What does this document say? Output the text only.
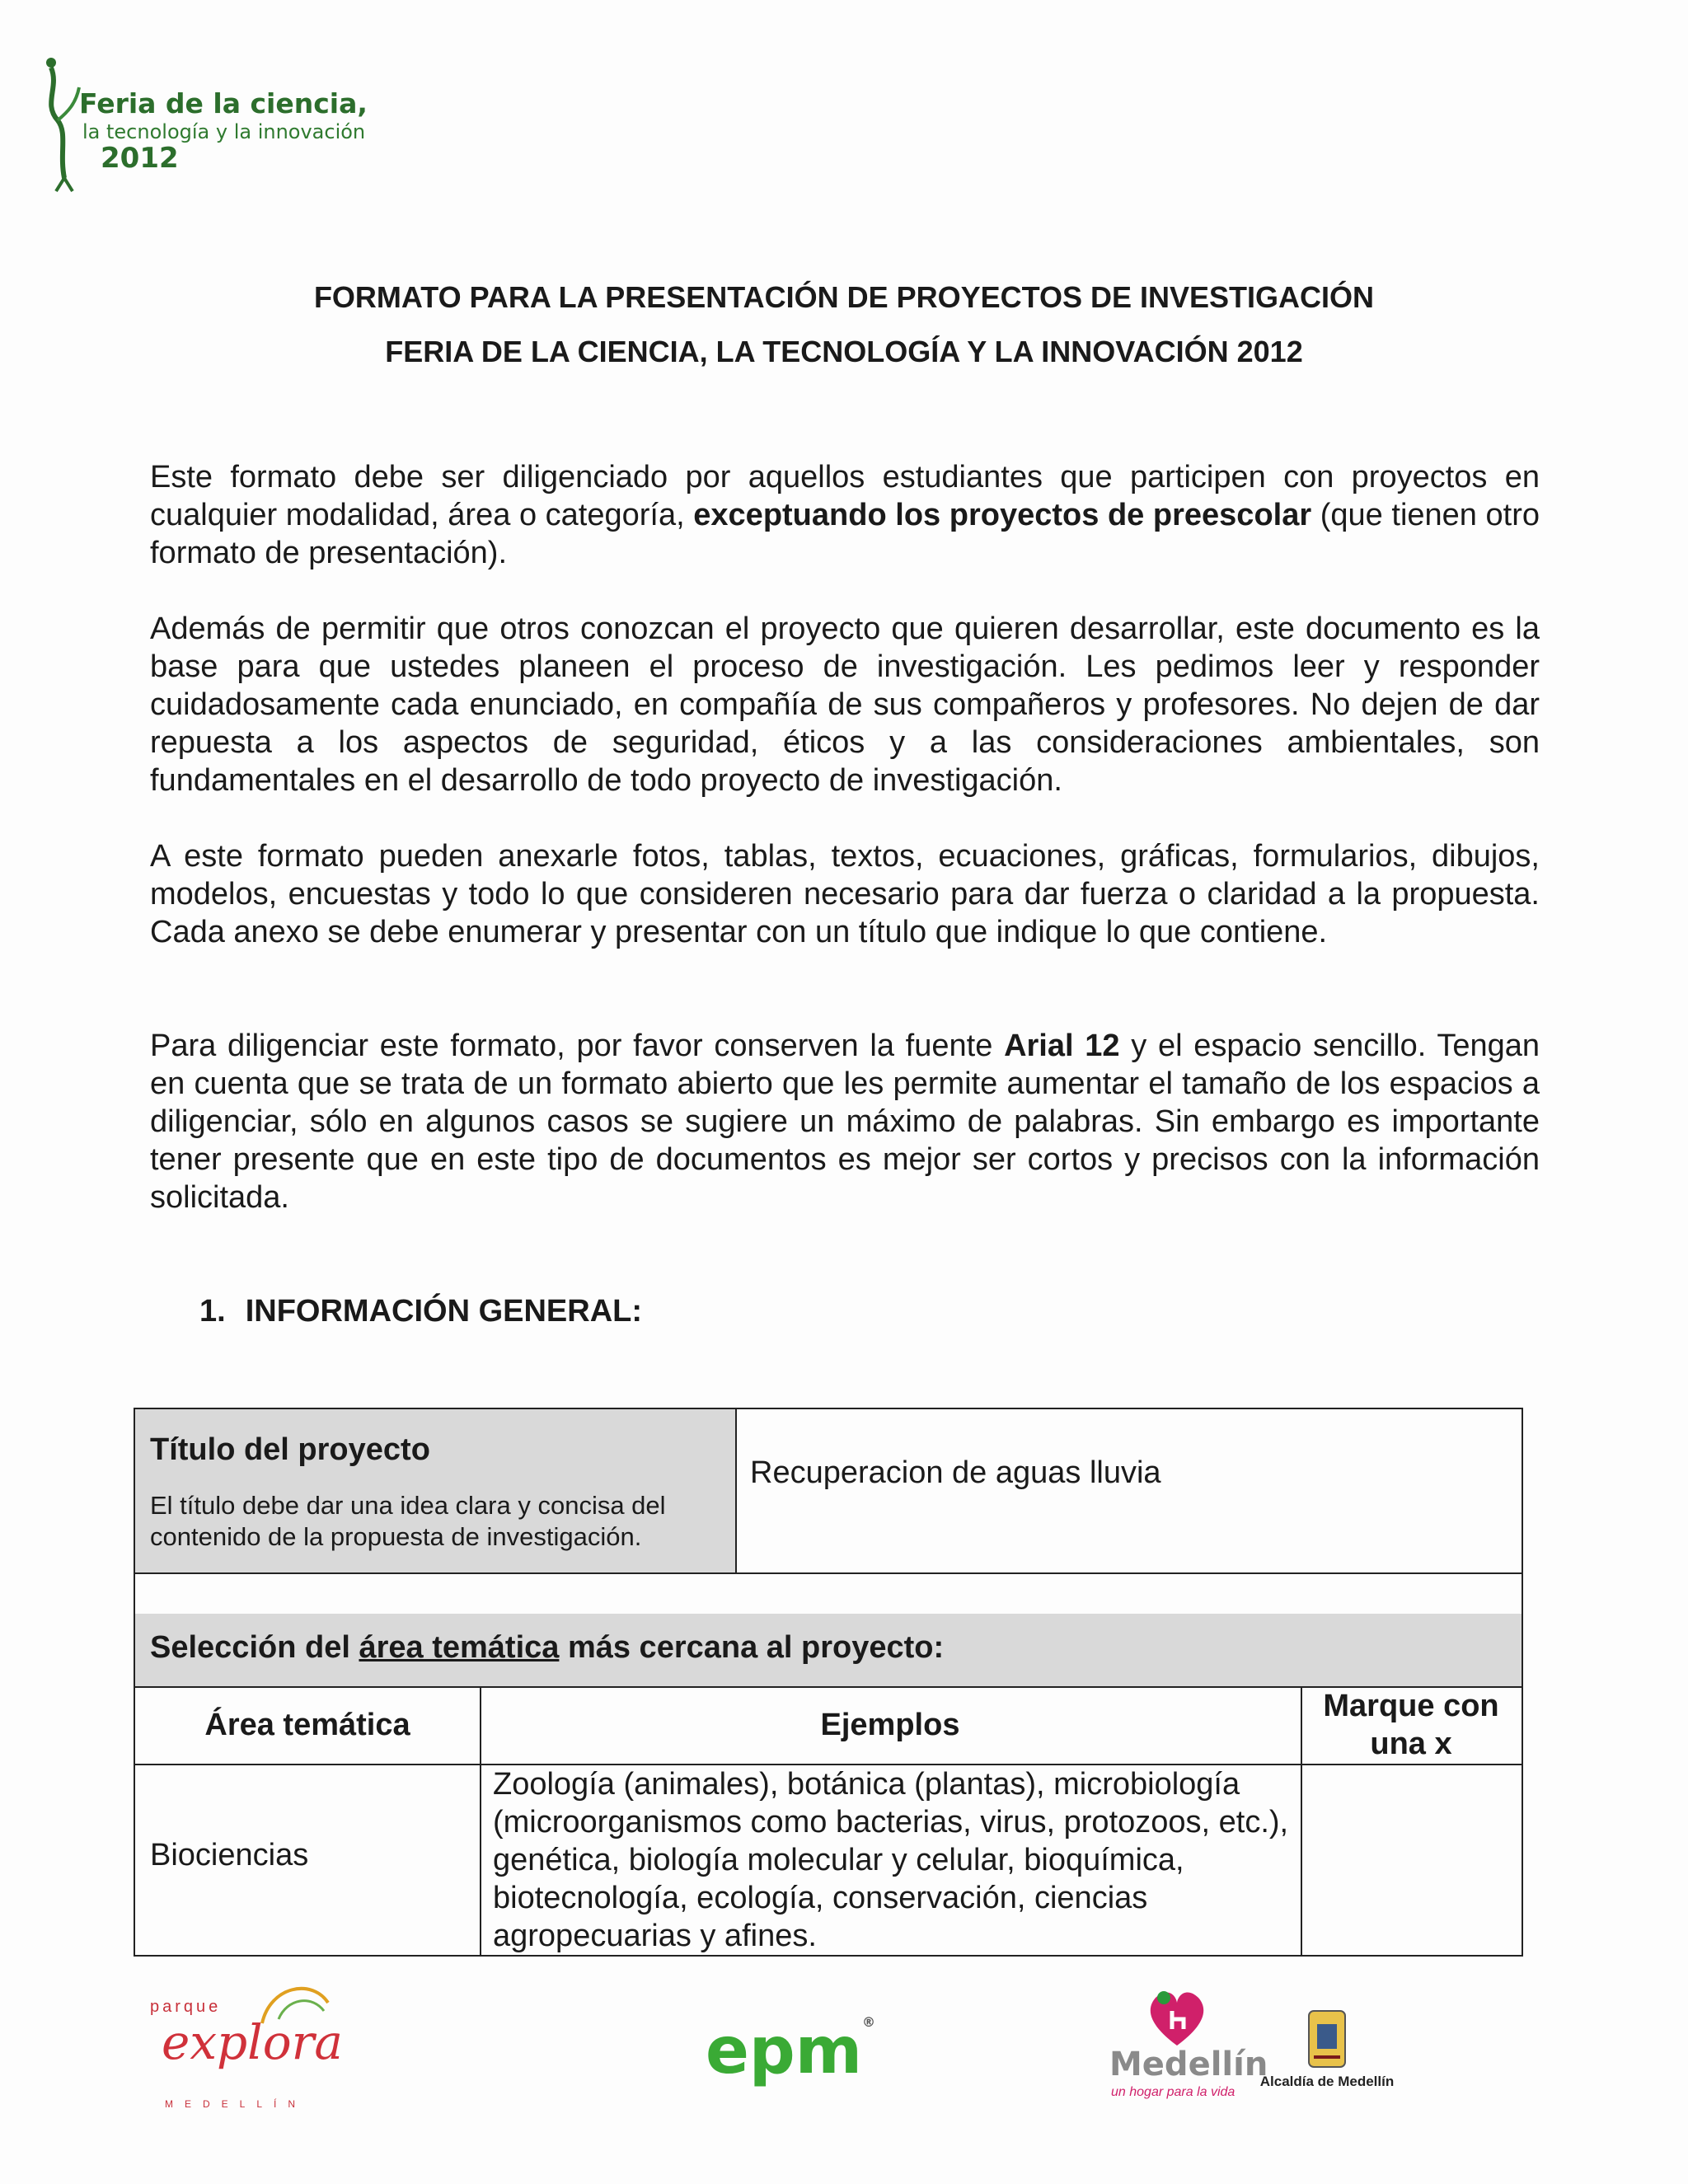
Feria de la ciencia,
la tecnología y la innovación
2012
FORMATO PARA LA PRESENTACIÓN DE PROYECTOS DE INVESTIGACIÓN
FERIA DE LA CIENCIA, LA TECNOLOGÍA Y LA INNOVACIÓN 2012

Este formato debe ser diligenciado por aquellos estudiantes que participen con proyectos en cualquier modalidad, área o categoría, exceptuando los proyectos de preescolar (que tienen otro formato de presentación).

Además de permitir que otros conozcan el proyecto que quieren desarrollar, este documento es la base para que ustedes planeen el proceso de investigación. Les pedimos leer y responder cuidadosamente cada enunciado, en compañía de sus compañeros y profesores. No dejen de dar repuesta a los aspectos de seguridad, éticos y a las consideraciones ambientales, son fundamentales en el desarrollo de todo proyecto de investigación.

A este formato pueden anexarle fotos, tablas, textos, ecuaciones, gráficas, formularios, dibujos, modelos, encuestas y todo lo que consideren necesario para dar fuerza o claridad a la propuesta. Cada anexo se debe enumerar y presentar con un título que indique lo que contiene.

Para diligenciar este formato, por favor conserven la fuente Arial 12 y el espacio sencillo. Tengan en cuenta que se trata de un formato abierto que les permite aumentar el tamaño de los espacios a diligenciar, sólo en algunos casos se sugiere un máximo de palabras. Sin embargo es importante tener presente que en este tipo de documentos es mejor ser cortos y precisos con la información solicitada.

1. INFORMACIÓN GENERAL:
Título del proyecto
El título debe dar una idea clara y concisa del contenido de la propuesta de investigación.
Recuperacion de aguas lluvia
Selección del área temática más cercana al proyecto:
Área temática	Ejemplos
Marque con una x
Biociencias
Zoología (animales), botánica (plantas), microbiología (microorganismos como bacterias, virus, protozoos, etc.), genética, biología molecular y celular, bioquímica, biotecnología, ecología, conservación, ciencias agropecuarias y afines.
parque
explora
MEDELLÍN
epm®
Medellín
un hogar para la vida
Alcaldía de Medellín
